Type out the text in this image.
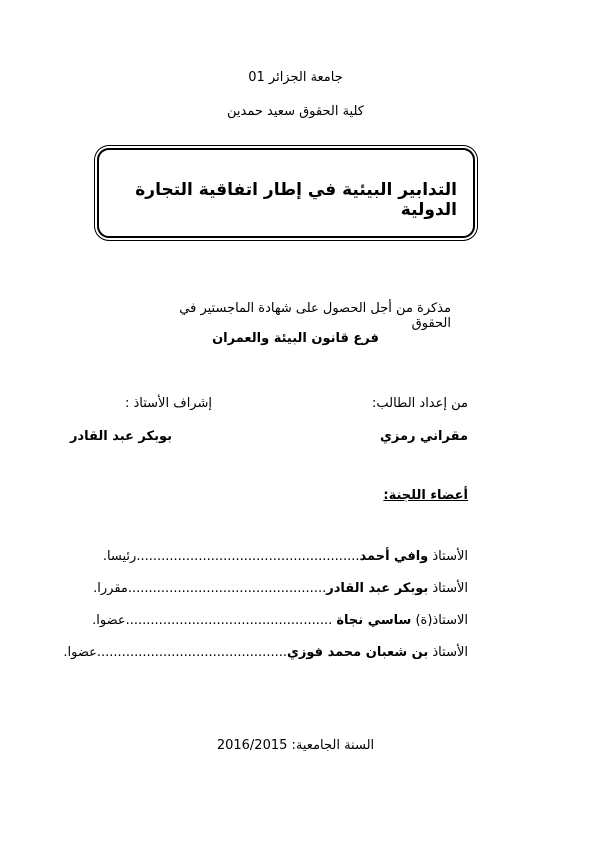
جامعة الجزائر 01
كلية الحقوق سعيد حمدين
التدابير البيئية في إطار اتفاقية التجارة الدولية
مذكرة من أجل الحصول على شهادة الماجستير في الحقوق
فرع قانون البيئة والعمران
من إعداد الطالب:
إشراف الأستاذ :
مقراني رمزي
بوبكر عبد القادر
أعضاء اللجنة:
الأستاذ وافي أحمد......................................................رئيسا.
الأستاذ بوبكر عبد القادر................................................مقررا.
الاستاذ(ة) ساسي نجاة ..................................................عضوا.
الأستاذ بن شعبان محمد فوزي..............................................عضوا.
السنة الجامعية: 2016/2015
